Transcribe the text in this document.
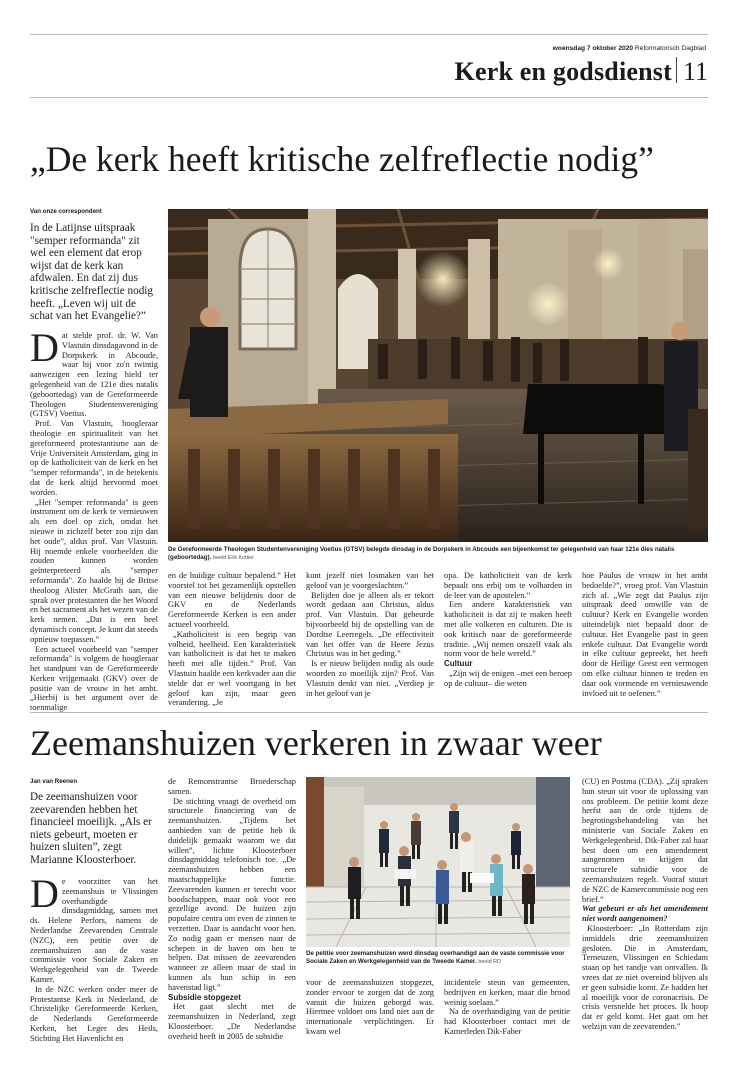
woensdag 7 oktober 2020 Reformatorisch Dagblad
Kerk en godsdienst 11
„De kerk heeft kritische zelfreflectie nodig”
Van onze correspondent
In de Latijnse uitspraak "semper reformanda" zit wel een element dat erop wijst dat de kerk kan afdwalen. En dat zij dus kritische zelfreflectie nodig heeft. „Leven wij uit de schat van het Evangelie?”
D at stelde prof. dr. W. Van Vlastuin dinsdagavond in de Dorpskerk in Abcoude, waar hij voor zo'n twintig aanwezigen een lezing hield ter gelegenheid van de 121e dies natalis (geboortedag) van de Gereformeerde Theologen Studentenvereniging (GTSV) Voetius.

Prof. Van Vlastuin, hoogleraar theologie en spiritualiteit van het gereformeerd protestantisme aan de Vrije Universiteit Amsterdam, ging in op de katholiciteit van de kerk en het "semper reformanda", in de betekenis dat de kerk altijd hervormd moet worden.

„Het "semper reformanda" is geen instrument om de kerk te vernieuwen als een doel op zich, omdat het nieuwe in zichzelf beter zou zijn dan het oude”, aldus prof. Van Vlastuin. Hij noemde enkele voorbeelden die zouden kunnen worden geïnterpreteerd als "semper reformanda". Zo haalde hij de Britse theoloog Alister McGrath aan, die sprak over protestanten die het Woord en het sacrament als het wezen van de kerk nemen. „Dat is een heel dynamisch concept. Je kunt dat steeds opnieuw toepassen.”

Een actueel voorbeeld van "semper reformanda" is volgens de hoogleraar het standpunt van de Gereformeerde Kerken vrijgemaakt (GKV) over de positie van de vrouw in het ambt. „Hierbij is het argument over de toenmalige

De Gereformeerde Theologen Studentenvereniging Voetius (GTSV) belegde dinsdag in de Dorpskerk in Abcoude een bijeenkomst ter gelegenheid van haar 121e dies natalis (geboortedag). beeld Erik Kottier

en de huidige cultuur bepalend.” Het voorstel tot het gezamenlijk opstellen van een nieuwe belijdenis door de GKV en de Nederlands Gereformeerde Kerken is een ander actueel voorbeeld.

„Katholiciteit is een begrip van volheid, heelheid. Een karakteristiek van katholiciteit is dat het te maken heeft met alle tijden.” Prof. Van Vlastuin haalde een kerkvader aan die stelde dat er wel voortgang in het geloof kan zijn, maar geen verandering. „Je

kunt jezelf niet losmaken van het geloof van je voorgeslachten.”

Belijden doe je alleen als er tekort wordt gedaan aan Christus, aldus prof. Van Vlastuin. Dat gebeurde bijvoorbeeld bij de opstelling van de Dordtse Leerregels. „De effectiviteit van het offer van de Heere Jezus Christus was in het geding.”

Is er nieuw belijden nodig als oude woorden zo moeilijk zijn? Prof. Van Vlastuin denkt van niet. „Verdiep je in het geloof van je

opa. De katholiciteit van de kerk bepaalt ons erbij om te volharden in de leer van de apostelen.”

Een andere karakteristiek van katholiciteit is dat zij te maken heeft met alle volkeren en culturen. Die is ook kritisch naar de gereformeerde traditie. „Wij nemen onszelf vaak als norm voor de hele wereld.”

Cultuur

„Zijn wij de enigen –met een beroep op de cultuur– die weten

hoe Paulus de vrouw in het ambt bedoelde?”, vroeg prof. Van Vlastuin zich af. „Wie zegt dat Paulus zijn uitspraak deed omwille van de cultuur? Kerk en Evangelie worden uiteindelijk niet bepaald door de cultuur. Het Evangelie past in geen enkele cultuur. Dat Evangelie wordt in elke cultuur gepreekt, het heeft door de Heilige Geest een vermogen om elke cultuur binnen te treden en daar ook vormende en vernieuwende invloed uit te oefenen.”

Zeemanshuizen verkeren in zwaar weer
Jan van Reenen
De zeemanshuizen voor zeevarenden hebben het financieel moeilijk. „Als er niets gebeurt, moeten er huizen sluiten”, zegt Marianne Kloosterboer.
D e voorzitter van het zeemanshuis te Vlissingen overhandigde dinsdagmiddag, samen met ds. Helene Perfors, namens de Nederlandse Zeevarenden Centrale (NZC), een petitie over de zeemanshuizen aan de vaste commissie voor Sociale Zaken en Werkgelegenheid van de Tweede Kamer.

In de NZC werken onder meer de Protestantse Kerk in Nederland, de Christelijke Gereformeerde Kerken, de Nederlands Gereformeerde Kerken, het Leger des Heils, Stichting Het Havenlicht en

de Remonstrantse Broederschap samen.

De stichting vraagt de overheid om structurele financiering van de zeemanshuizen. „Tijdens het aanbieden van de petitie heb ik duidelijk gemaakt waarom we dat willen”, lichtte Kloosterboer dinsdagmiddag telefonisch toe. „De zeemanshuizen hebben een maatschappelijke functie. Zeevarenden kunnen er terecht voor boodschappen, maar ook voor een gezellige avond. De huizen zijn populaire centra om even de zinnen te verzetten. Daar is aandacht voor hen. Zo nodig gaan er mensen naar de schepen in de haven om hen te helpen. Dat missen de zeevarenden wanneer ze alleen maar de stad in kunnen als hun schip in een havenstad ligt.”

Subsidie stopgezet

Het gaat slecht met de zeemanshuizen in Nederland, zegt Kloosterboer. „De Nederlandse overheid heeft in 2005 de subsidie

De petitie voor zeemanshuizen werd dinsdag overhandigd aan de vaste commissie voor Sociale Zaken en Werkgelegenheid van de Tweede Kamer. beeld RD

voor de zeemanshuizen stopgezet, zonder ervoor te zorgen dat de zorg vanuit die huizen geborgd was. Hiermee voldoet ons land niet aan de internationale verplichtingen. Er kwam wel

incidentele steun van gemeenten, bedrijven en kerken, maar die brood weinig soelaas.”

Na de overhandiging van de petitie had Kloosterboer contact met de Kamerleden Dik-Faber

(CU) en Postma (CDA). „Zij spraken hun steun uit voor de oplossing van ons probleem. De petitie komt deze herfst aan de orde tijdens de begrotingsbehandeling van het ministerie van Sociale Zaken en Werkgelegenheid. Dik-Faber zal haar best doen om een amendement aangenomen te krijgen dat structurele subsidie voor de zeemanshuizen regelt. Vooraf stuurt de NZC de Kamercommissie nog een brief.”

Wat gebeurt er als het amendement niet wordt aangenomen?

Kloosterboer: „In Rotterdam zijn inmiddels drie zeemanshuizen gesloten. Die in Amsterdam, Terneuzen, Vlissingen en Schiedam staan op het randje van omvallen. Ik vrees dat ze niet overeind blijven als er geen subsidie komt. Ze hadden het al moeilijk voor de coronacrisis. De crisis versnelde het proces. Ik hoop dat er geld komt. Het gaat om het welzijn van de zeevarenden.”
